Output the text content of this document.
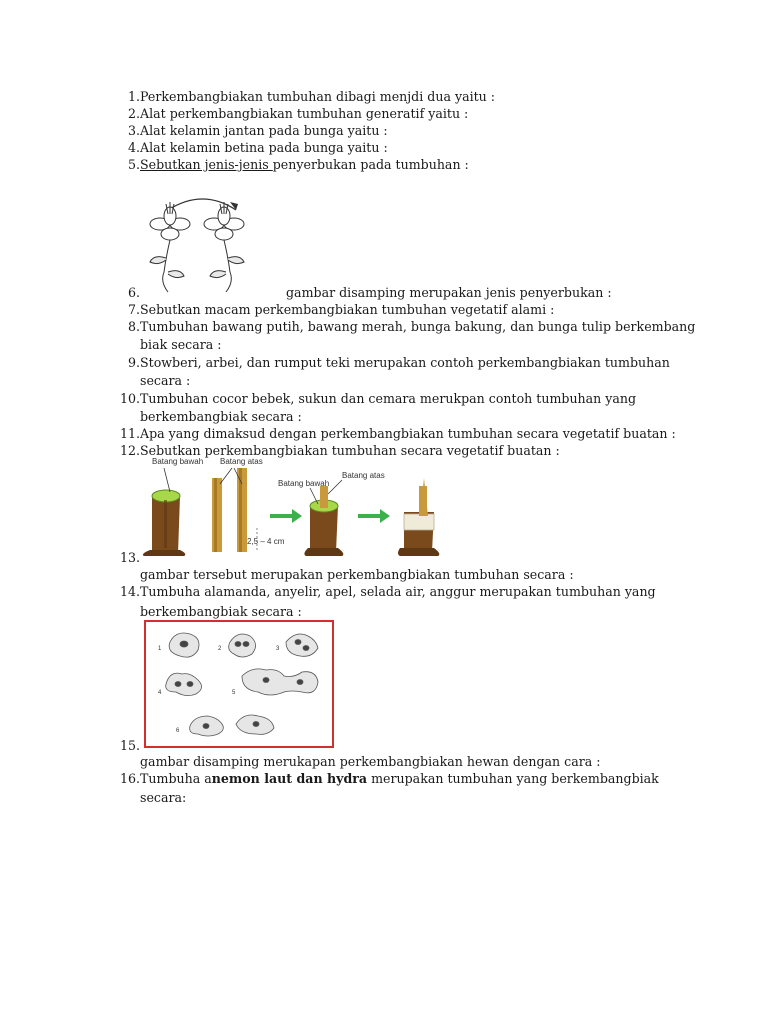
1. Perkembangbiakan tumbuhan dibagi menjdi dua yaitu :
2. Alat perkembangbiakan tumbuhan generatif yaitu :
3. Alat kelamin jantan pada bunga yaitu :
4. Alat kelamin betina pada bunga yaitu :
5. Sebutkan jenis-jenis penyerbukan pada tumbuhan :
6.	gambar disamping merupakan jenis penyerbukan :
7. Sebutkan macam perkembangbiakan tumbuhan vegetatif alami :
8. Tumbuhan bawang putih, bawang merah, bunga bakung, dan bunga tulip berkembang
biak secara :
9. Stowberi, arbei, dan rumput teki merupakan contoh perkembangbiakan tumbuhan
secara :
10. Tumbuhan cocor bebek, sukun dan cemara merukpan contoh tumbuhan yang
berkembangbiak secara :
11. Apa yang dimaksud dengan perkembangbiakan tumbuhan secara vegetatif buatan :
12. Sebutkan perkembangbiakan tumbuhan secara vegetatif buatan :
Batang bawah Batang atas
2,5 – 4 cm
Batang bawah
Batang atas
13.
gambar tersebut merupakan perkembangbiakan tumbuhan secara :
14. Tumbuha alamanda, anyelir, apel, selada air, anggur merupakan tumbuhan yang
berkembangbiak secara :
1	2	3
4	5
6
15.
gambar disamping merukapan perkembangbiakan hewan dengan cara :
16. Tumbuha anemon laut dan hydra merupakan tumbuhan yang berkembangbiak
secara:
